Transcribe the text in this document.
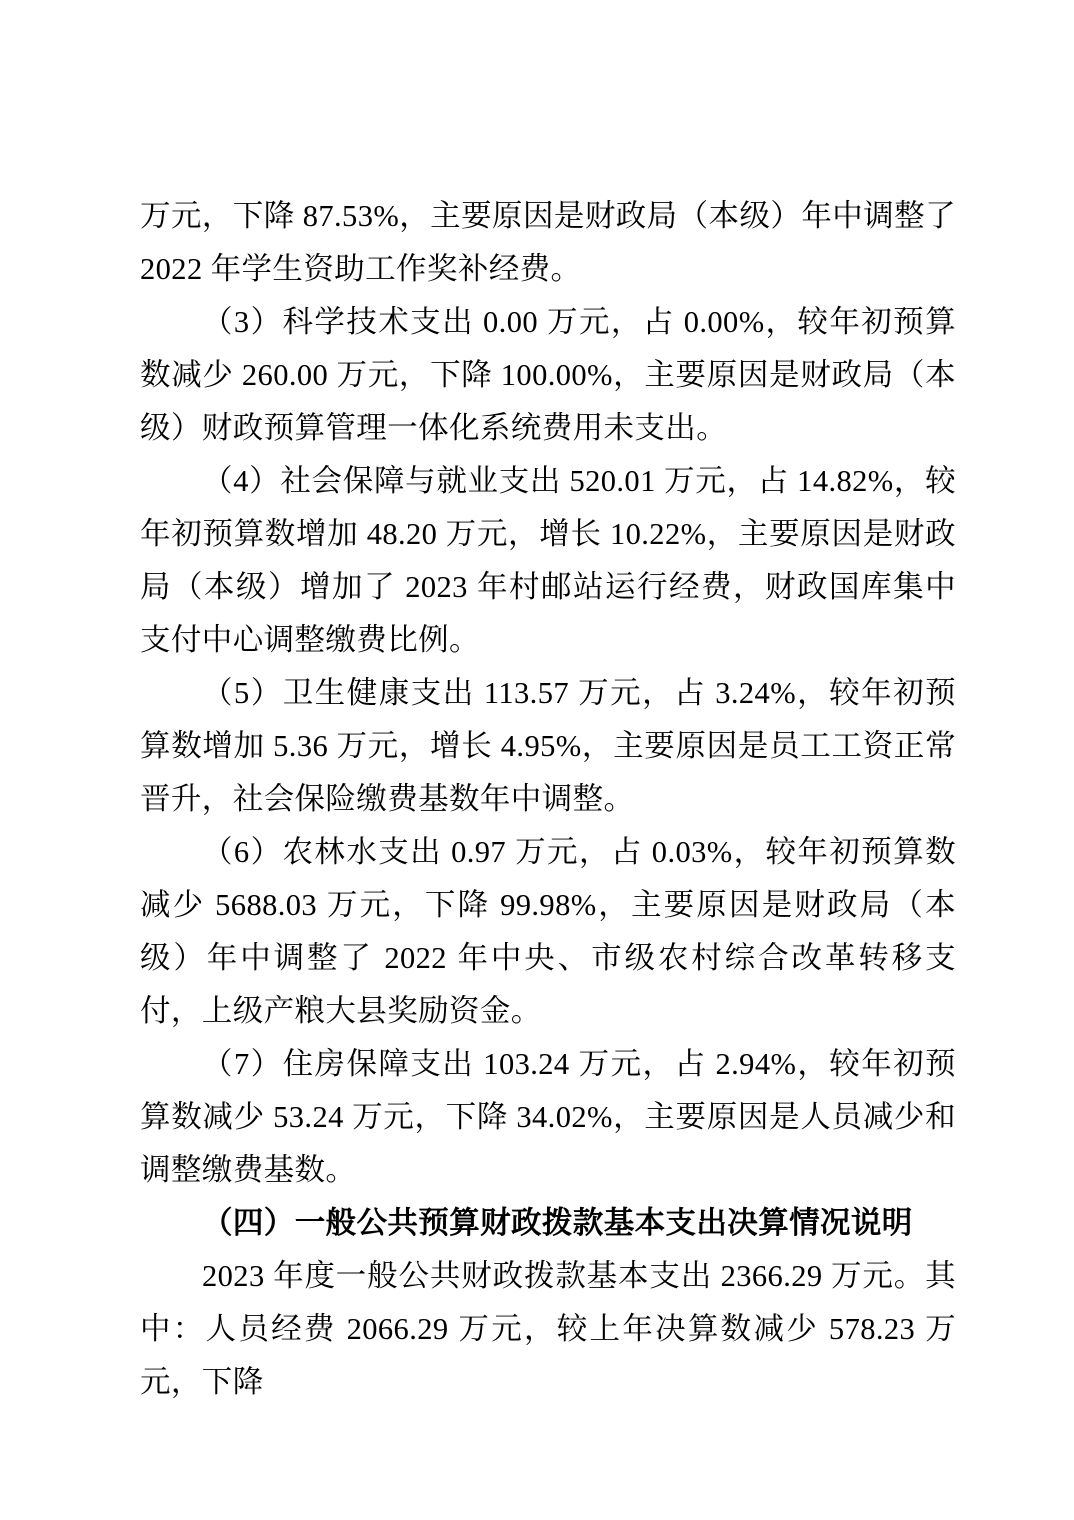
万元，下降 87.53%，主要原因是财政局（本级）年中调整了 2022 年学生资助工作奖补经费。

（3）科学技术支出 0.00 万元，占 0.00%，较年初预算数减少 260.00 万元，下降 100.00%，主要原因是财政局（本级）财政预算管理一体化系统费用未支出。

（4）社会保障与就业支出 520.01 万元，占 14.82%，较年初预算数增加 48.20 万元，增长 10.22%，主要原因是财政局（本级）增加了 2023 年村邮站运行经费，财政国库集中支付中心调整缴费比例。

（5）卫生健康支出 113.57 万元，占 3.24%，较年初预算数增加 5.36 万元，增长 4.95%，主要原因是员工工资正常晋升，社会保险缴费基数年中调整。

（6）农林水支出 0.97 万元，占 0.03%，较年初预算数减少 5688.03 万元，下降 99.98%，主要原因是财政局（本级）年中调整了 2022 年中央、市级农村综合改革转移支付，上级产粮大县奖励资金。

（7）住房保障支出 103.24 万元，占 2.94%，较年初预算数减少 53.24 万元，下降 34.02%，主要原因是人员减少和调整缴费基数。

（四）一般公共预算财政拨款基本支出决算情况说明

2023 年度一般公共财政拨款基本支出 2366.29 万元。其中：人员经费 2066.29 万元，较上年决算数减少 578.23 万元，下降
